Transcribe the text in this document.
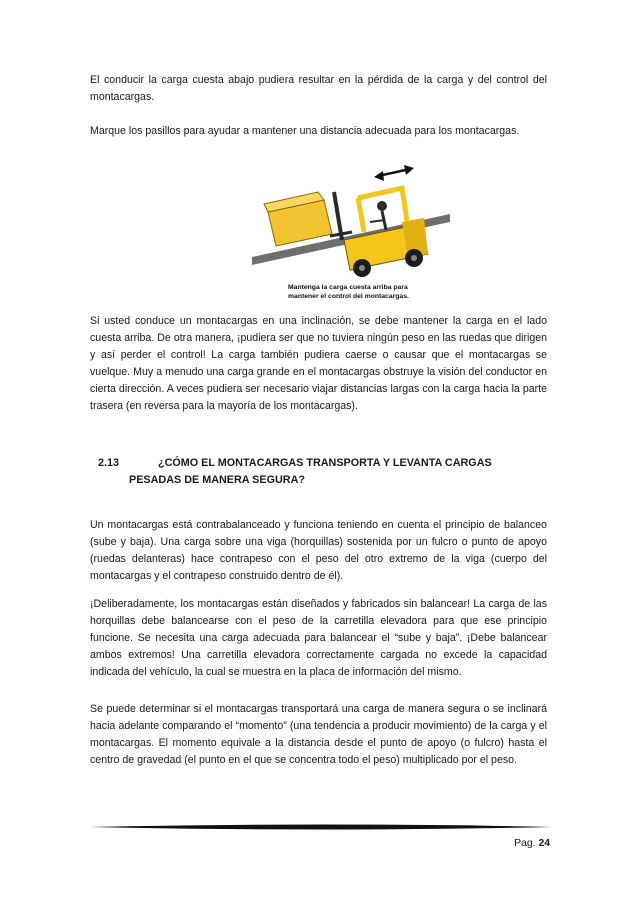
El conducir la carga cuesta abajo pudiera resultar en la pérdida de la carga y del control del montacargas.

Marque los pasillos para ayudar a mantener una distancia adecuada para los montacargas.

Mantenga la carga cuesta arriba para
mantener el control del montacargas.

Si usted conduce un montacargas en una inclinación, se debe mantener la carga en el lado cuesta arriba. De otra manera, ¡pudiera ser que no tuviera ningún peso en las ruedas que dirigen y así perder el control! La carga también pudiera caerse o causar que el montacargas se vuelque. Muy a menudo una carga grande en el montacargas obstruye la visión del conductor en cierta dirección. A veces pudiera ser necesario viajar distancias largas con la carga hacia la parte trasera (en reversa para la mayoría de los montacargas).

2.13	¿CÓMO EL MONTACARGAS TRANSPORTA Y LEVANTA CARGAS
PESADAS DE MANERA SEGURA?

Un montacargas está contrabalanceado y funciona teniendo en cuenta el principio de balanceo (sube y baja). Una carga sobre una viga (horquillas) sostenida por un fulcro o punto de apoyo (ruedas delanteras) hace contrapeso con el peso del otro extremo de la viga (cuerpo del montacargas y el contrapeso construido dentro de él).

¡Deliberadamente, los montacargas están diseñados y fabricados sin balancear! La carga de las horquillas debe balancearse con el peso de la carretilla elevadora para que ese principio funcione. Se necesita una carga adecuada para balancear el “sube y baja”. ¡Debe balancear ambos extremos! Una carretilla elevadora correctamente cargada no excede la capacidad indicada del vehículo, la cual se muestra en la placa de información del mismo.

Se puede determinar si el montacargas transportará una carga de manera segura o se inclinará hacia adelante comparando el “momento” (una tendencia a producir movimiento) de la carga y el montacargas. El momento equivale a la distancia desde el punto de apoyo (o fulcro) hasta el centro de gravedad (el punto en el que se concentra todo el peso) multiplicado por el peso.

Pag. 24
